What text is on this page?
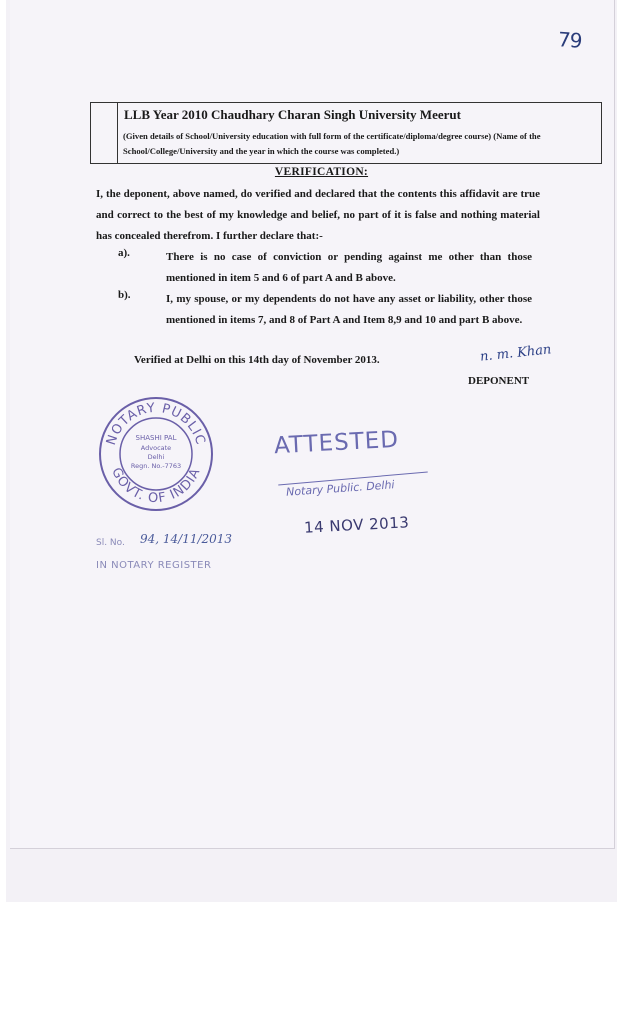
79
LLB Year 2010 Chaudhary Charan Singh University Meerut
(Given details of School/University education with full form of the certificate/diploma/degree course) (Name of the School/College/University and the year in which the course was completed.)
VERIFICATION:
I, the deponent, above named, do verified and declared that the contents this affidavit are true and correct to the best of my knowledge and belief, no part of it is false and nothing material has concealed therefrom. I further declare that:-
a).	There is no case of conviction or pending against me other than those mentioned in item 5 and 6 of part A and B above.
b).	I, my spouse, or my dependents do not have any asset or liability, other those mentioned in items 7, and 8 of Part A and Item 8,9 and 10 and part B above.
Verified at Delhi on this 14th day of November 2013.	n. m. Khan
DEPONENT
NOTARY PUBLIC
GOVT. OF INDIA
SHASHI PAL
Advocate
Delhi
Regn. No.-7763
ATTESTED
Notary Public. Delhi
14 NOV 2013
Sl. No. 94, 14/11/2013
IN NOTARY REGISTER
